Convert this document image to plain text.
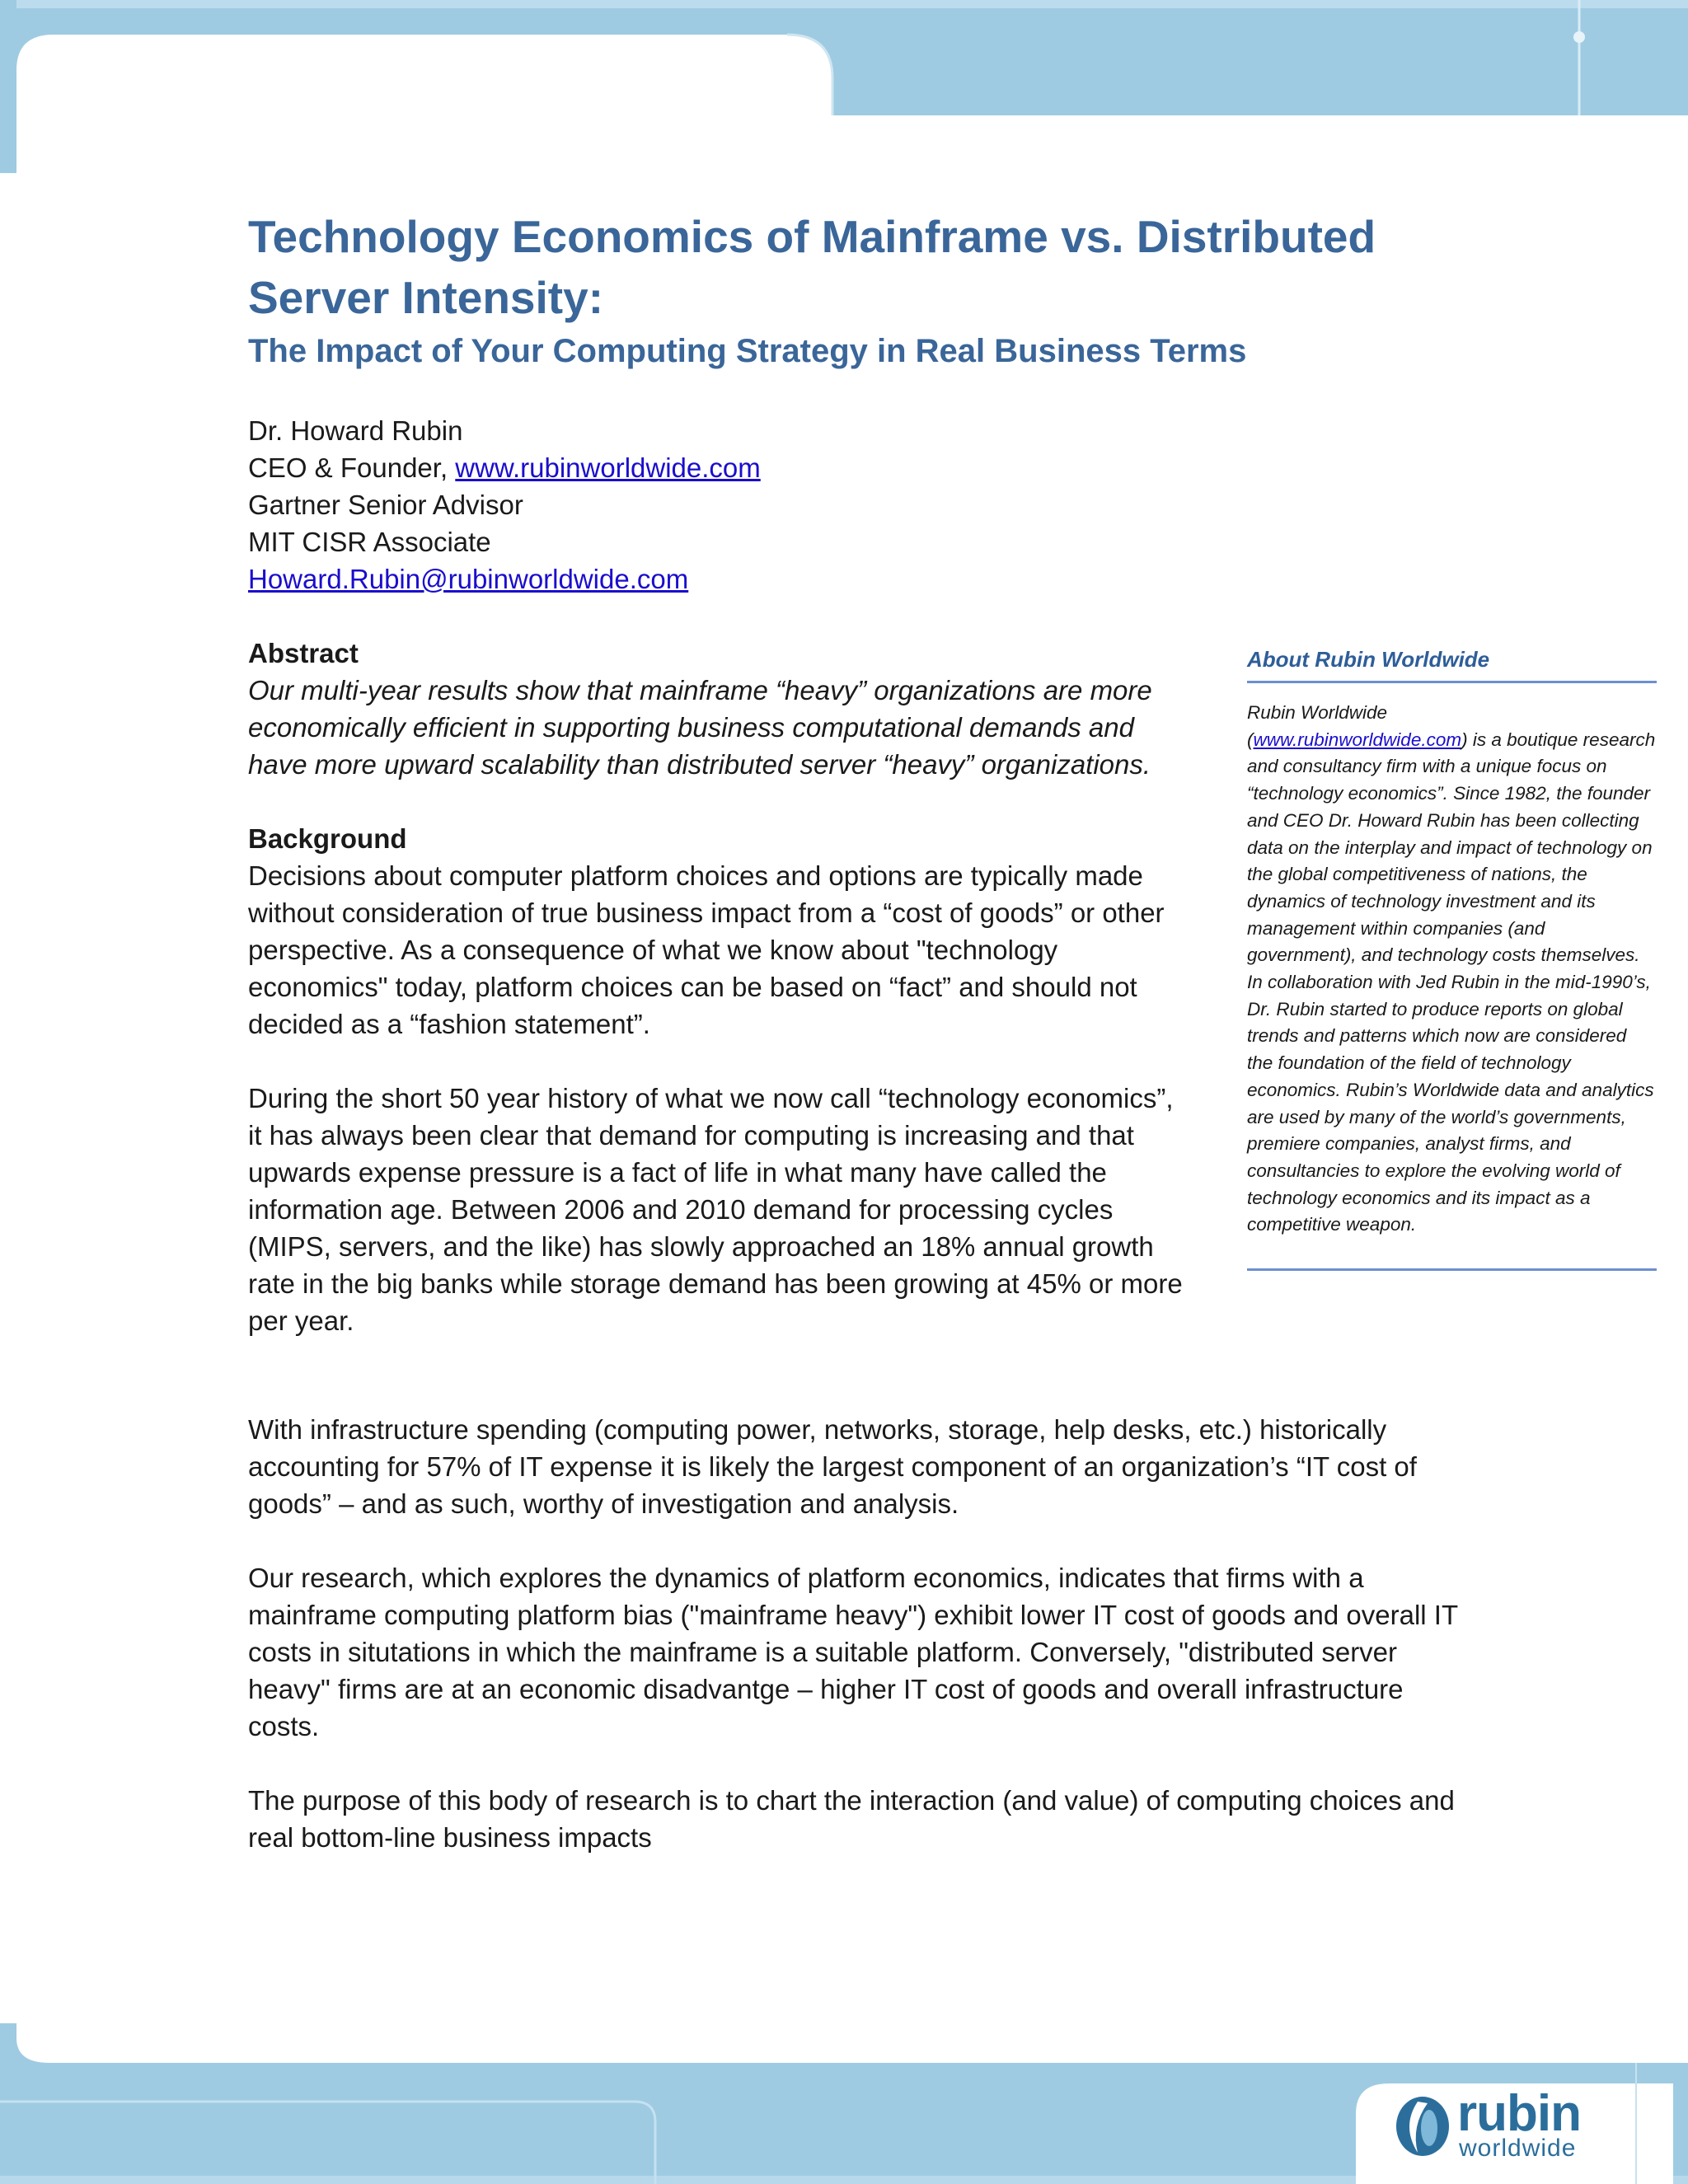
Technology Economics of Mainframe vs. Distributed
Server Intensity:
The Impact of Your Computing Strategy in Real Business Terms
Dr. Howard Rubin
CEO & Founder, www.rubinworldwide.com
Gartner Senior Advisor
MIT CISR Associate
Howard.Rubin@rubinworldwide.com

Abstract

Our multi-year results show that mainframe “heavy” organizations are more economically efficient in supporting business computational demands and have more upward scalability than distributed server “heavy” organizations.

Background

Decisions about computer platform choices and options are typically made without consideration of true business impact from a “cost of goods” or other perspective. As a consequence of what we know about "technology economics" today, platform choices can be based on “fact” and should not decided as a “fashion statement”.

During the short 50 year history of what we now call “technology economics”, it has always been clear that demand for computing is increasing and that upwards expense pressure is a fact of life in what many have called the information age. Between 2006 and 2010 demand for processing cycles (MIPS, servers, and the like) has slowly approached an 18% annual growth rate in the big banks while storage demand has been growing at 45% or more per year.

With infrastructure spending (computing power, networks, storage, help desks, etc.) historically accounting for 57% of IT expense it is likely the largest component of an organization’s “IT cost of goods” – and as such, worthy of investigation and analysis.

Our research, which explores the dynamics of platform economics, indicates that firms with a mainframe computing platform bias ("mainframe heavy") exhibit lower IT cost of goods and overall IT costs in situtations in which the mainframe is a suitable platform. Conversely, "distributed server heavy" firms are at an economic disadvantge – higher IT cost of goods and overall infrastructure costs.

The purpose of this body of research is to chart the interaction (and value) of computing choices and real bottom-line business impacts

About Rubin Worldwide
Rubin Worldwide
(www.rubinworldwide.com) is a boutique research and consultancy firm with a unique focus on “technology economics”. Since 1982, the founder and CEO Dr. Howard Rubin has been collecting data on the interplay and impact of technology on the global competitiveness of nations, the dynamics of technology investment and its management within companies (and government), and technology costs themselves. In collaboration with Jed Rubin in the mid-1990’s, Dr. Rubin started to produce reports on global trends and patterns which now are considered the foundation of the field of technology economics. Rubin’s Worldwide data and analytics are used by many of the world’s governments, premiere companies, analyst firms, and consultancies to explore the evolving world of technology economics and its impact as a competitive weapon.
rubin
worldwide
